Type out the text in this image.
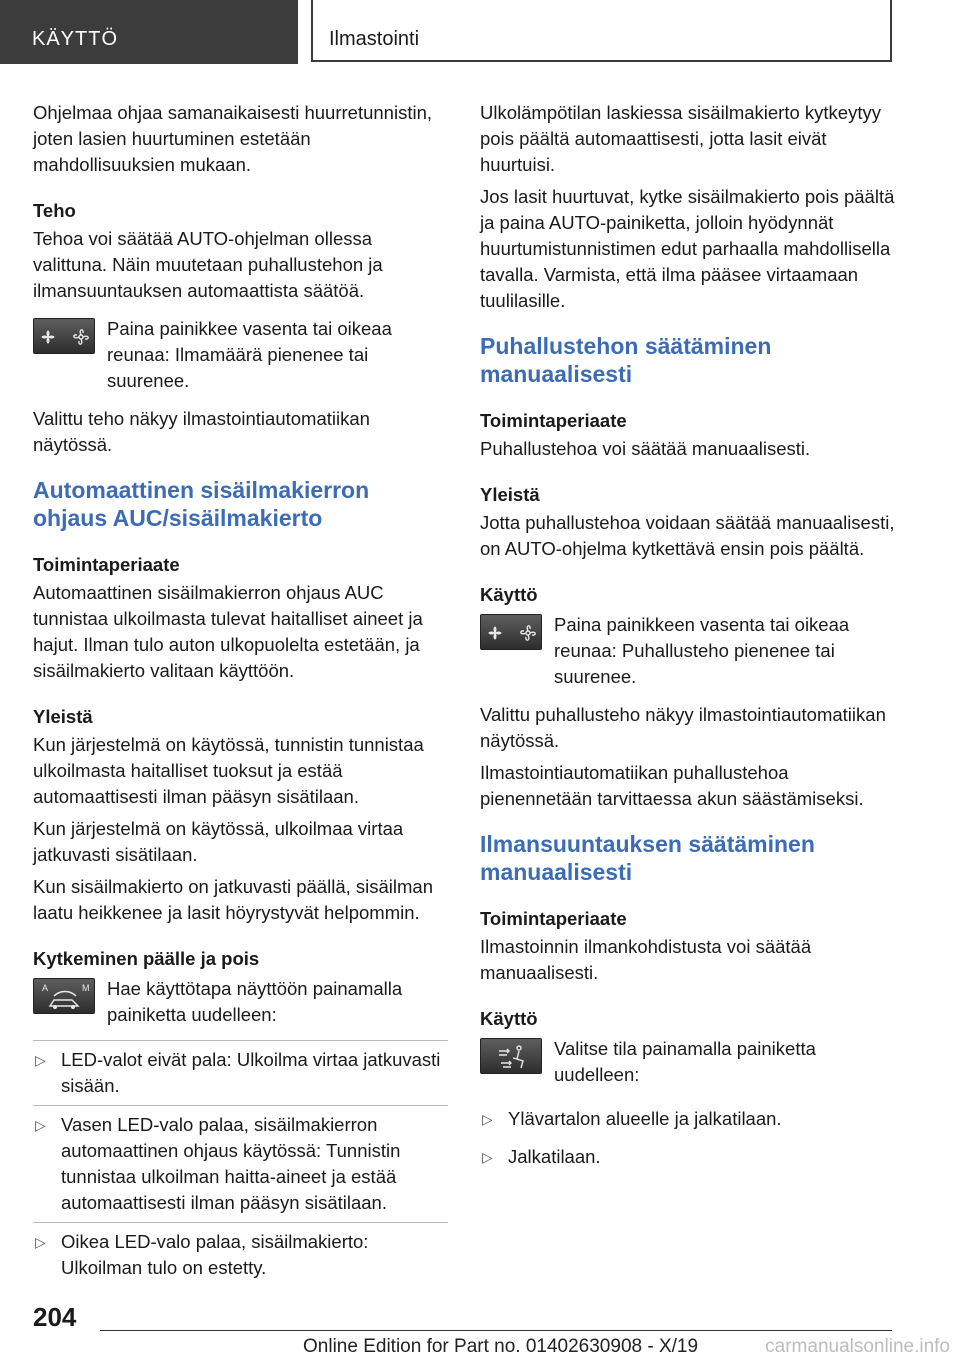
KÄYTTÖ	Ilmastointi

Ohjelmaa ohjaa samanaikaisesti huurretunnistin, joten lasien huurtuminen estetään mahdollisuuksien mukaan.

Teho

Tehoa voi säätää AUTO-ohjelman ollessa valittuna. Näin muutetaan puhallustehon ja ilmansuuntauksen automaattista säätöä.

Paina painikkee vasenta tai oikeaa reunaa: Ilmamäärä pienenee tai suurenee.

Valittu teho näkyy ilmastointiautomatiikan näytössä.

Automaattinen sisäilmakierron ohjaus AUC/sisäilmakierto
Toimintaperiaate

Automaattinen sisäilmakierron ohjaus AUC tunnistaa ulkoilmasta tulevat haitalliset aineet ja hajut. Ilman tulo auton ulkopuolelta estetään, ja sisäilmakierto valitaan käyttöön.

Yleistä

Kun järjestelmä on käytössä, tunnistin tunnistaa ulkoilmasta haitalliset tuoksut ja estää automaattisesti ilman pääsyn sisätilaan.

Kun järjestelmä on käytössä, ulkoilmaa virtaa jatkuvasti sisätilaan.

Kun sisäilmakierto on jatkuvasti päällä, sisäilman laatu heikkenee ja lasit höyrystyvät helpommin.

Kytkeminen päälle ja pois
A	M Hae käyttötapa näyttöön painamalla painiketta uudelleen:

▷ LED-valot eivät pala: Ulkoilma virtaa jatkuvasti sisään.
▷ Vasen LED-valo palaa, sisäilmakierron automaattinen ohjaus käytössä: Tunnistin tunnistaa ulkoilman haitta-aineet ja estää automaattisesti ilman pääsyn sisätilaan.
▷ Oikea LED-valo palaa, sisäilmakierto: Ulkoilman tulo on estetty.

Ulkolämpötilan laskiessa sisäilmakierto kytkeytyy pois päältä automaattisesti, jotta lasit eivät huurtuisi.

Jos lasit huurtuvat, kytke sisäilmakierto pois päältä ja paina AUTO-painiketta, jolloin hyödynnät huurtumistunnistimen edut parhaalla mahdollisella tavalla. Varmista, että ilma pääsee virtaamaan tuulilasille.

Puhallustehon säätäminen manuaalisesti
Toimintaperiaate

Puhallustehoa voi säätää manuaalisesti.

Yleistä

Jotta puhallustehoa voidaan säätää manuaalisesti, on AUTO-ohjelma kytkettävä ensin pois päältä.

Käyttö

Paina painikkeen vasenta tai oikeaa reunaa: Puhallusteho pienenee tai suurenee.

Valittu puhallusteho näkyy ilmastointiautomatiikan näytössä.

Ilmastointiautomatiikan puhallustehoa pienennetään tarvittaessa akun säästämiseksi.

Ilmansuuntauksen säätäminen manuaalisesti
Toimintaperiaate

Ilmastoinnin ilmankohdistusta voi säätää manuaalisesti.

Käyttö

Valitse tila painamalla painiketta uudelleen:

▷ Ylävartalon alueelle ja jalkatilaan.
▷ Jalkatilaan.
204
Online Edition for Part no. 01402630908 - X/19	carmanualsonline.info
